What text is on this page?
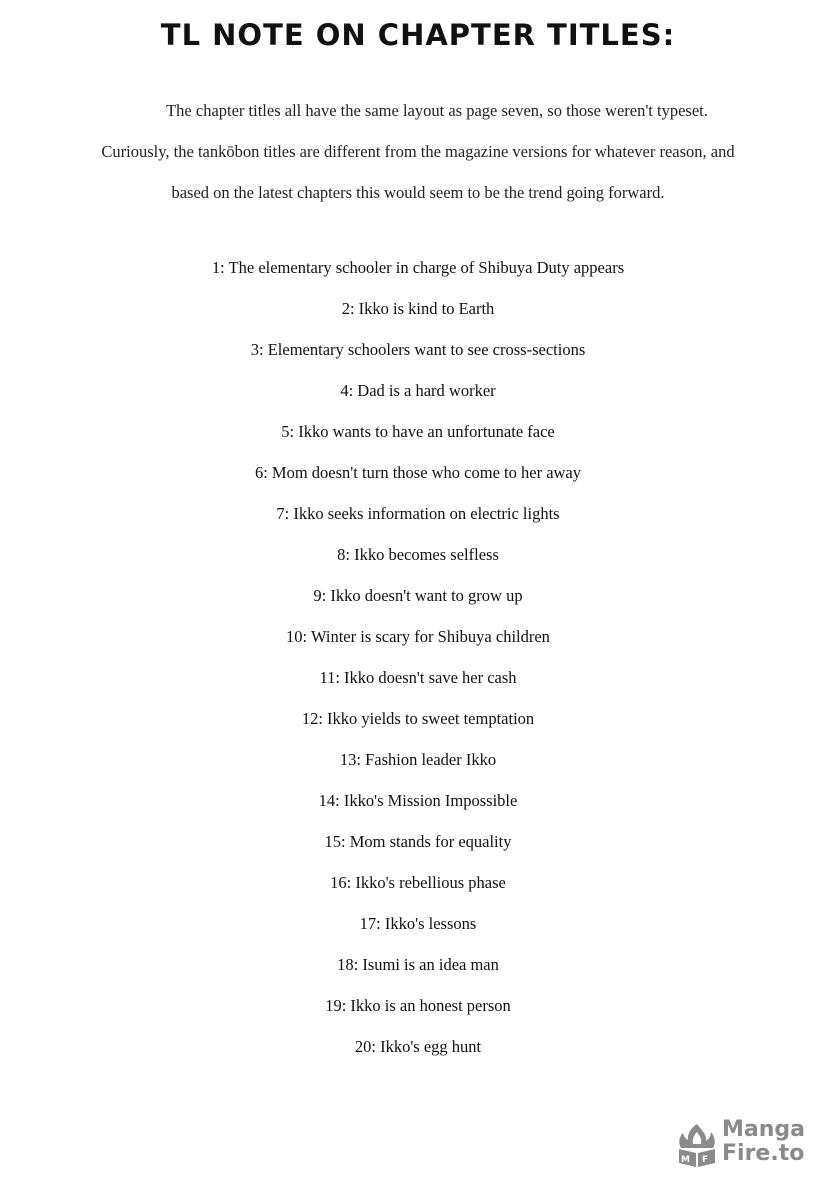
TL NOTE ON CHAPTER TITLES:

The chapter titles all have the same layout as page seven, so those weren't typeset.

Curiously, the tankōbon titles are different from the magazine versions for whatever reason, and

based on the latest chapters this would seem to be the trend going forward.

1: The elementary schooler in charge of Shibuya Duty appears
2: Ikko is kind to Earth
3: Elementary schoolers want to see cross-sections
4: Dad is a hard worker
5: Ikko wants to have an unfortunate face
6: Mom doesn't turn those who come to her away
7: Ikko seeks information on electric lights
8: Ikko becomes selfless
9: Ikko doesn't want to grow up
10: Winter is scary for Shibuya children
11: Ikko doesn't save her cash
12: Ikko yields to sweet temptation
13: Fashion leader Ikko
14: Ikko's Mission Impossible
15: Mom stands for equality
16: Ikko's rebellious phase
17: Ikko's lessons
18: Isumi is an idea man
19: Ikko is an honest person
20: Ikko's egg hunt
M F
Manga
Fire.to
